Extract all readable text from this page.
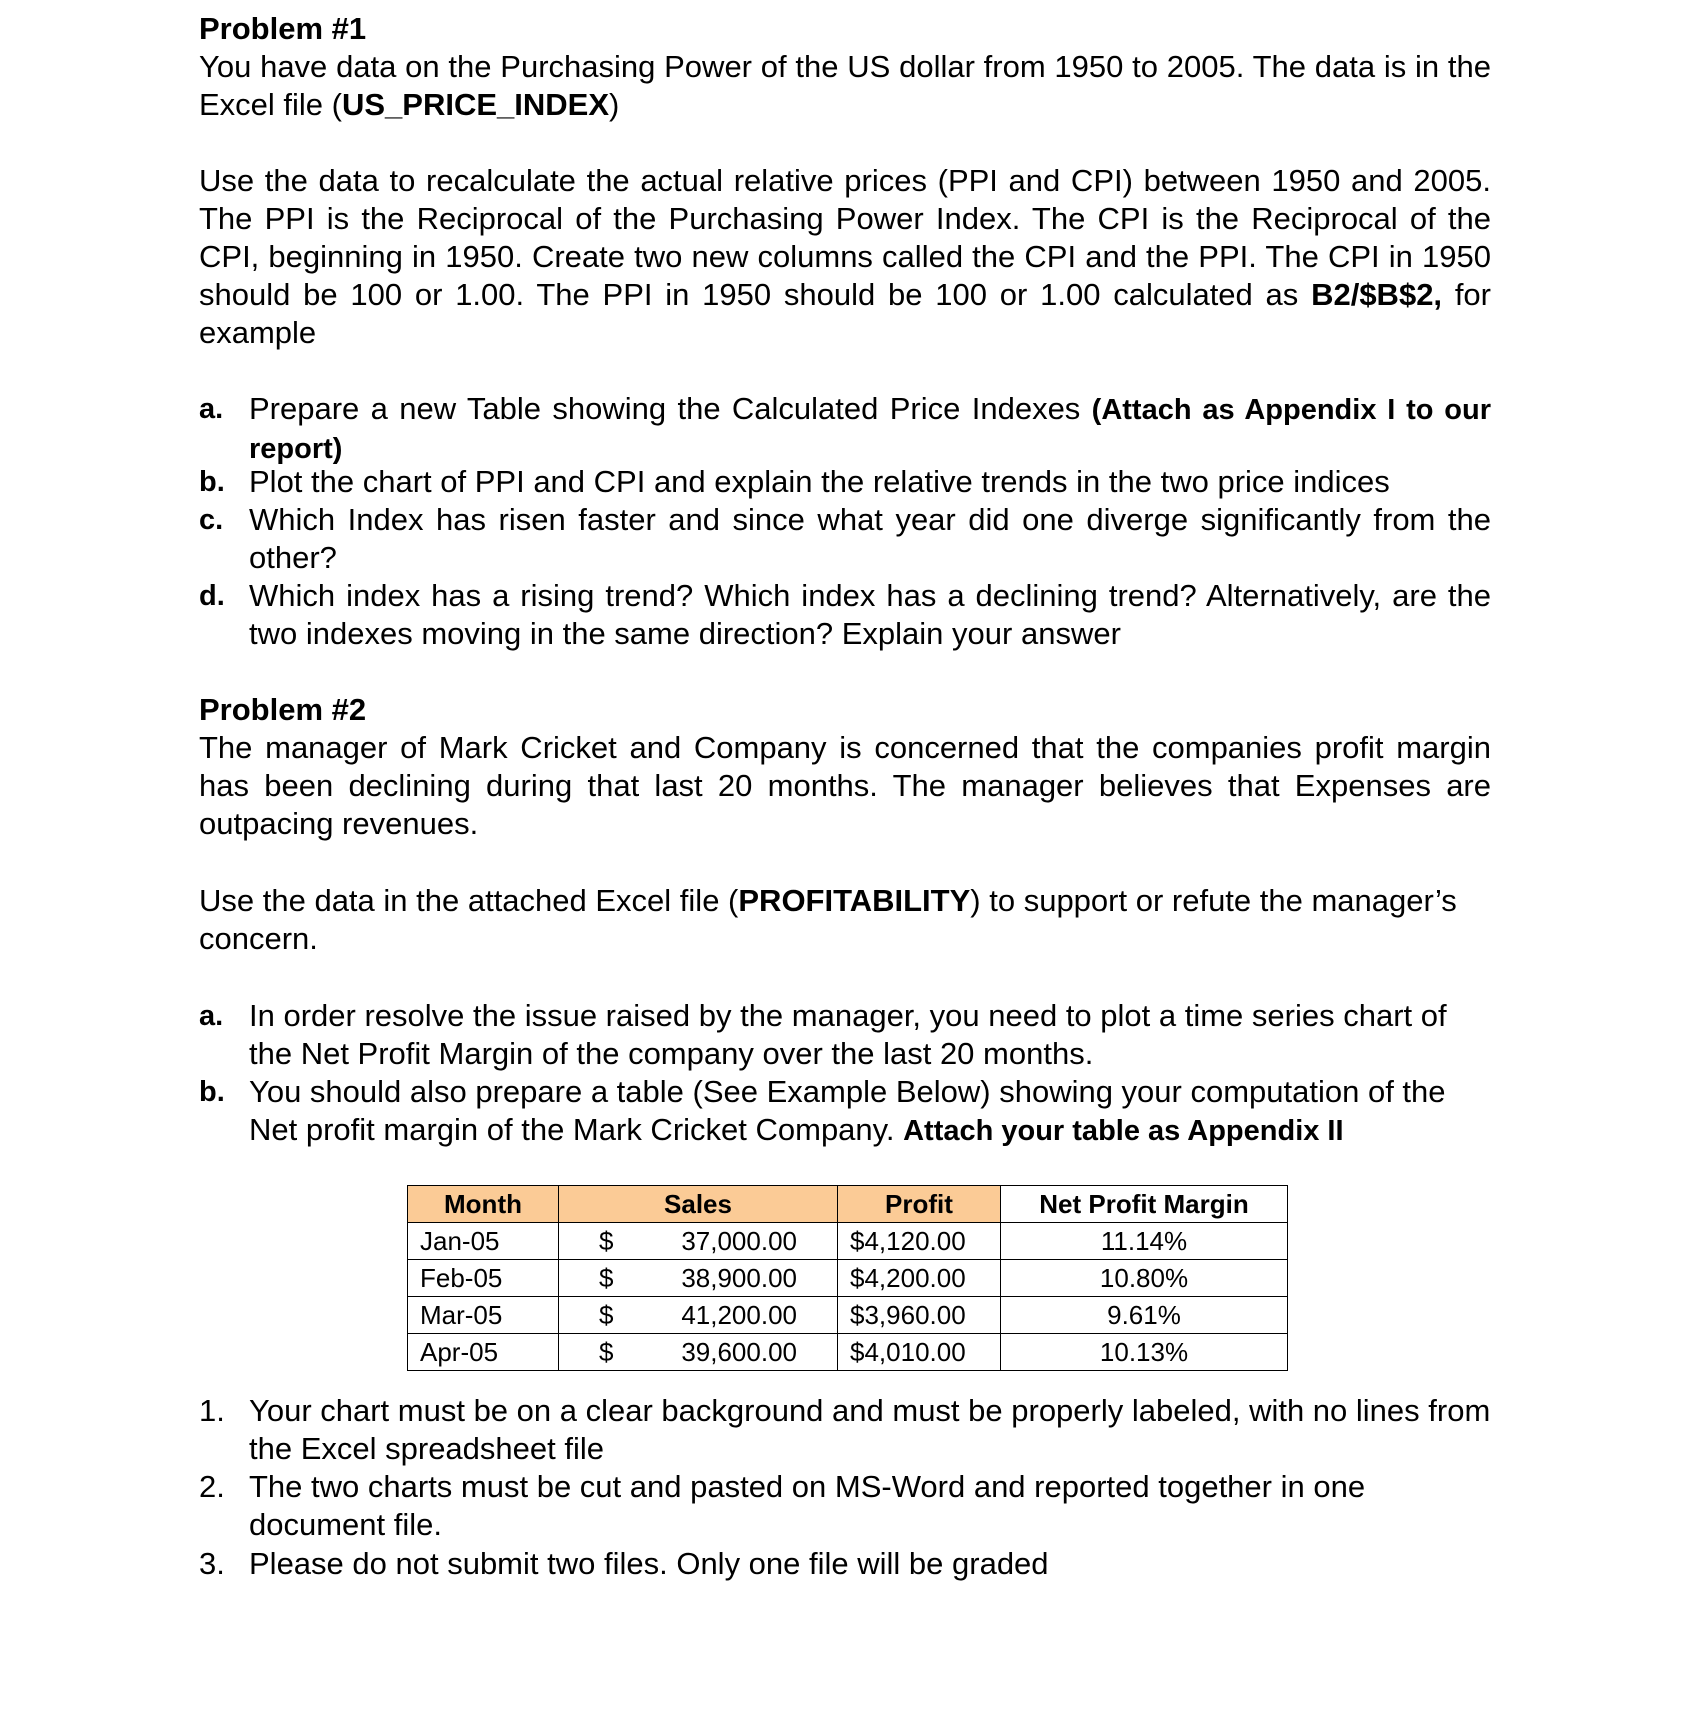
Problem #1
You have data on the Purchasing Power of the US dollar from 1950 to 2005. The data is in the Excel file (US_PRICE_INDEX)
Use the data to recalculate the actual relative prices (PPI and CPI) between 1950 and 2005. The PPI is the Reciprocal of the Purchasing Power Index. The CPI is the Reciprocal of the CPI, beginning in 1950. Create two new columns called the CPI and the PPI. The CPI in 1950 should be 100 or 1.00. The PPI in 1950 should be 100 or 1.00 calculated as B2/$B$2, for example
a. Prepare a new Table showing the Calculated Price Indexes (Attach as Appendix I to our report)
b. Plot the chart of PPI and CPI and explain the relative trends in the two price indices
c. Which Index has risen faster and since what year did one diverge significantly from the other?
d. Which index has a rising trend? Which index has a declining trend? Alternatively, are the two indexes moving in the same direction? Explain your answer
Problem #2
The manager of Mark Cricket and Company is concerned that the companies profit margin has been declining during that last 20 months. The manager believes that Expenses are outpacing revenues.
Use the data in the attached Excel file (PROFITABILITY) to support or refute the manager’s concern.
a. In order resolve the issue raised by the manager, you need to plot a time series chart of the Net Profit Margin of the company over the last 20 months.
b. You should also prepare a table (See Example Below) showing your computation of the Net profit margin of the Mark Cricket Company. Attach your table as Appendix II
Month	Sales		Profit	Net Profit Margin
Jan-05	$	37,000.00	$4,120.00	11.14%
Feb-05	$	38,900.00	$4,200.00	10.80%
Mar-05	$	41,200.00	$3,960.00	9.61%
Apr-05	$	39,600.00	$4,010.00	10.13%
1. Your chart must be on a clear background and must be properly labeled, with no lines from the Excel spreadsheet file
2. The two charts must be cut and pasted on MS-Word and reported together in one document file.
3. Please do not submit two files. Only one file will be graded
